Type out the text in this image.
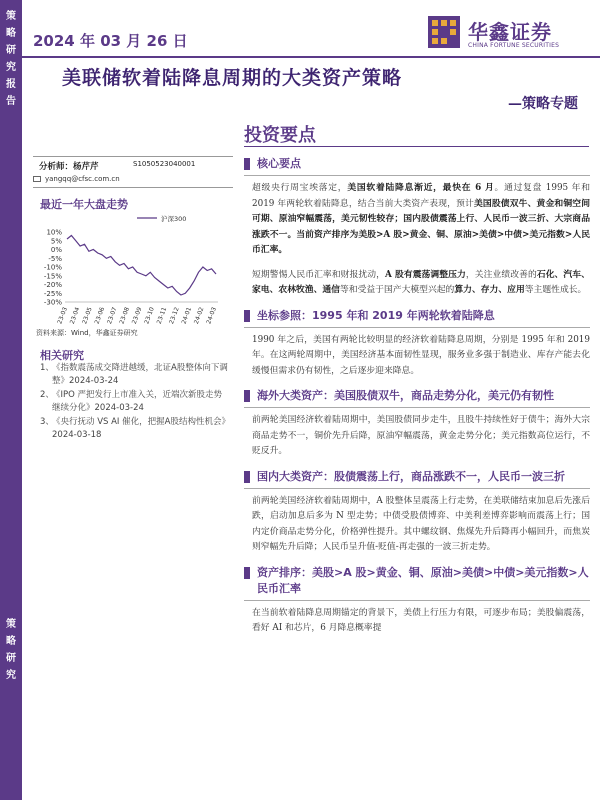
策
略
研
究
报
告
策
略
研
究
2024 年 03 月 26 日	华鑫证券
CHINA FORTUNE SECURITIES
美联储软着陆降息周期的大类资产策略
—策略专题
投资要点
分析师：杨芹芹	S1050523040001
yangqq@cfsc.com.cn
最近一年大盘走势
沪深300
10%
5%
0%
-5%
-10%
-15%
-20%
-25%
-30%
23-03 23-04 23-05 23-06 23-07 23-08 23-09 23-10 23-11 23-12 24-01 24-02 24-03
资料来源：Wind，华鑫证券研究
相关研究
1、
《指数震荡成交降进越缓，北证A股整体向下调整》2024-03-24
2、
《IPO 严把发行上市准入关，近端次新股走势继续分化》2024-03-24
3、
《央行抚动 VS AI 催化，把握A股结构性机会》2024-03-18
核心要点
超级央行周宝埃落定，美国软着陆降息渐近，最快在 6 月。通过复盘 1995 年和 2019 年两轮软着陆降息，结合当前大类资产表现，预计美国股债双牛、黄金和铜空间可期、原油窄幅震荡，美元韧性较存；国内股债震荡上行、人民币一波三折、大宗商品涨跌不一。当前资产排序为美股>A 股>黄金、铜、原油>美债>中债>美元指数>人民币汇率。
短期警惕人民币汇率和财报扰动，A 股有震荡调整压力，关注业绩改善的石化、汽车、家电、农林牧渔、通信等和受益于国产大模型兴起的算力、存力、应用等主题性成长。
坐标参照：1995 年和 2019 年两轮软着陆降息
1990 年之后，美国有两轮比较明显的经济软着陆降息周期，分别是 1995 年和 2019 年。在这两轮周期中，美国经济基本面韧性显现，服务业多强于制造业、库存产能去化缓慢但需求仍有韧性，之后逐步迎来降息。
海外大类资产：美国股债双牛，商品走势分化，美元仍有韧性
前两轮美国经济软着陆周期中，美国股债同步走牛，且股牛持续性好于债牛；海外大宗商品走势不一，铜价先升后降，原油窄幅震荡，黄金走势分化；美元指数高位运行，不贬反升。
国内大类资产：股债震荡上行，商品涨跌不一，人民币一波三折
前两轮美国经济软着陆周期中，A 股整体呈震荡上行走势，在美联储结束加息后先涨后跌，启动加息后多为 N 型走势；中债受股债博弈、中美利差博弈影响而震荡上行；国内定价商品走势分化，价格弹性提升。其中螺纹钢、焦煤先升后降再小幅回升，而焦炭则窄幅先升后降；人民币呈升值-贬值-再走强的一波三折走势。
资产排序：美股>A 股>黄金、铜、原油>美债>中债>美元指数>人民币汇率
在当前软着陆降息周期锚定的背景下，美债上行压力有限，可逐步布局；美股偏震荡，看好 AI 和芯片，6 月降息概率提
